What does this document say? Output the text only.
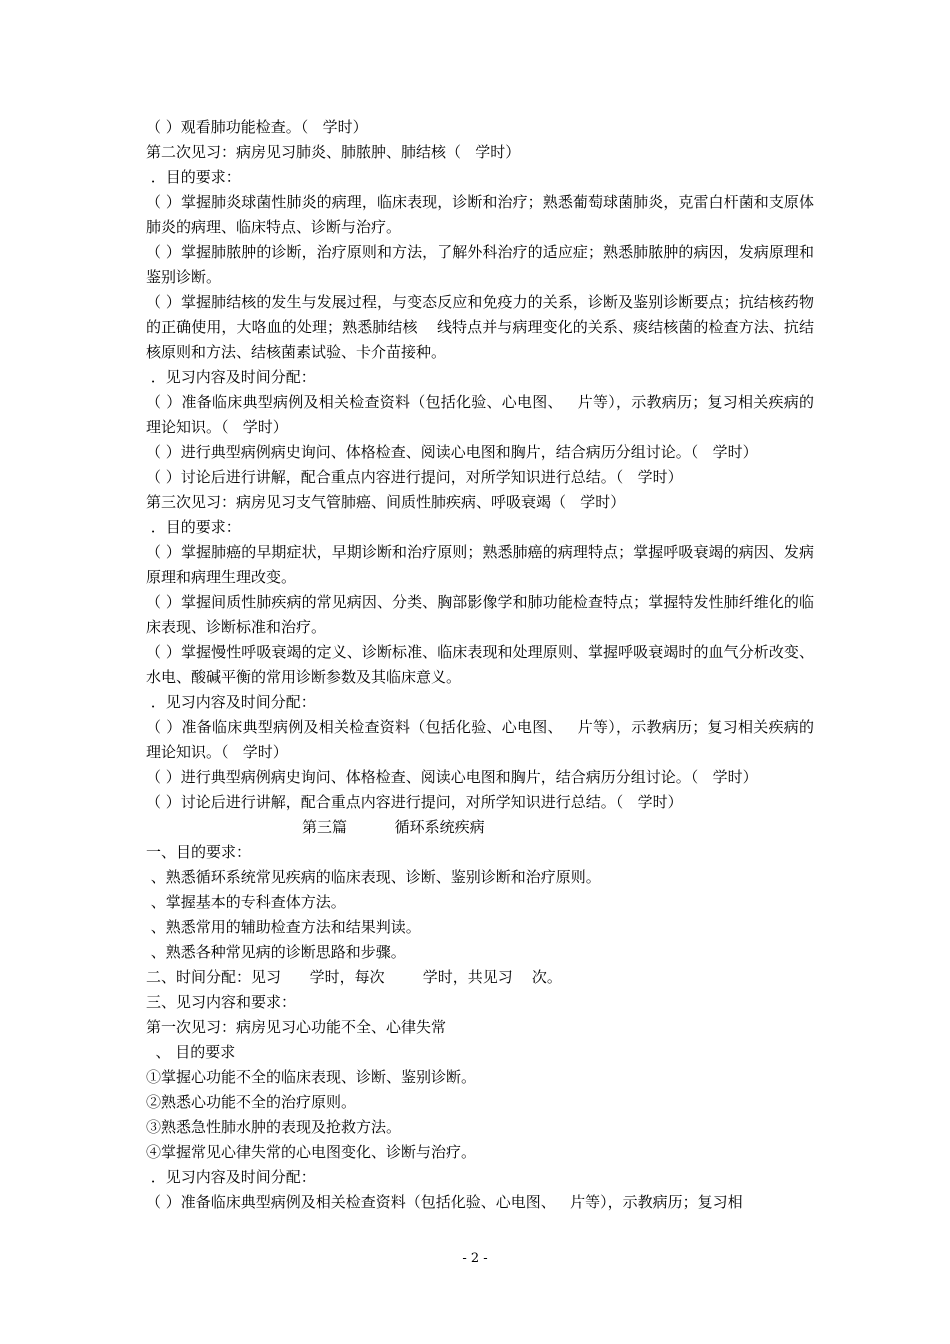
（ ）观看肺功能检查。（   学时）
第二次见习：病房见习肺炎、肺脓肿、肺结核（   学时）
．目的要求：
（ ）掌握肺炎球菌性肺炎的病理，临床表现，诊断和治疗；熟悉葡萄球菌肺炎，克雷白杆菌和支原体肺炎的病理、临床特点、诊断与治疗。
（ ）掌握肺脓肿的诊断，治疗原则和方法，了解外科治疗的适应症；熟悉肺脓肿的病因，发病原理和鉴别诊断。
（ ）掌握肺结核的发生与发展过程，与变态反应和免疫力的关系，诊断及鉴别诊断要点；抗结核药物的正确使用，大咯血的处理；熟悉肺结核    线特点并与病理变化的关系、痰结核菌的检查方法、抗结核原则和方法、结核菌素试验、卡介苗接种。
．见习内容及时间分配：
（ ）准备临床典型病例及相关检查资料（包括化验、心电图、   片等），示教病历；复习相关疾病的理论知识。（   学时）
（ ）进行典型病例病史询问、体格检查、阅读心电图和胸片，结合病历分组讨论。（   学时）
（ ）讨论后进行讲解，配合重点内容进行提问，对所学知识进行总结。（   学时）
第三次见习：病房见习支气管肺癌、间质性肺疾病、呼吸衰竭（   学时）
．目的要求：
（ ）掌握肺癌的早期症状，早期诊断和治疗原则；熟悉肺癌的病理特点；掌握呼吸衰竭的病因、发病原理和病理生理改变。
（ ）掌握间质性肺疾病的常见病因、分类、胸部影像学和肺功能检查特点；掌握特发性肺纤维化的临床表现、诊断标准和治疗。
（ ）掌握慢性呼吸衰竭的定义、诊断标准、临床表现和处理原则、掌握呼吸衰竭时的血气分析改变、水电、酸碱平衡的常用诊断参数及其临床意义。
．见习内容及时间分配：
（ ）准备临床典型病例及相关检查资料（包括化验、心电图、   片等），示教病历；复习相关疾病的理论知识。（   学时）
（ ）进行典型病例病史询问、体格检查、阅读心电图和胸片，结合病历分组讨论。（   学时）
（ ）讨论后进行讲解，配合重点内容进行提问，对所学知识进行总结。（   学时）
第三篇          循环系统疾病
一、目的要求：
、熟悉循环系统常见疾病的临床表现、诊断、鉴别诊断和治疗原则。
、掌握基本的专科查体方法。
、熟悉常用的辅助检查方法和结果判读。
、熟悉各种常见病的诊断思路和步骤。
二、时间分配：见习      学时，每次        学时，共见习    次。
三、见习内容和要求：
第一次见习：病房见习心功能不全、心律失常
、 目的要求
①掌握心功能不全的临床表现、诊断、鉴别诊断。
②熟悉心功能不全的治疗原则。
③熟悉急性肺水肿的表现及抢救方法。
④掌握常见心律失常的心电图变化、诊断与治疗。
．见习内容及时间分配：
（ ）准备临床典型病例及相关检查资料（包括化验、心电图、   片等），示教病历；复习相
- 2 -
